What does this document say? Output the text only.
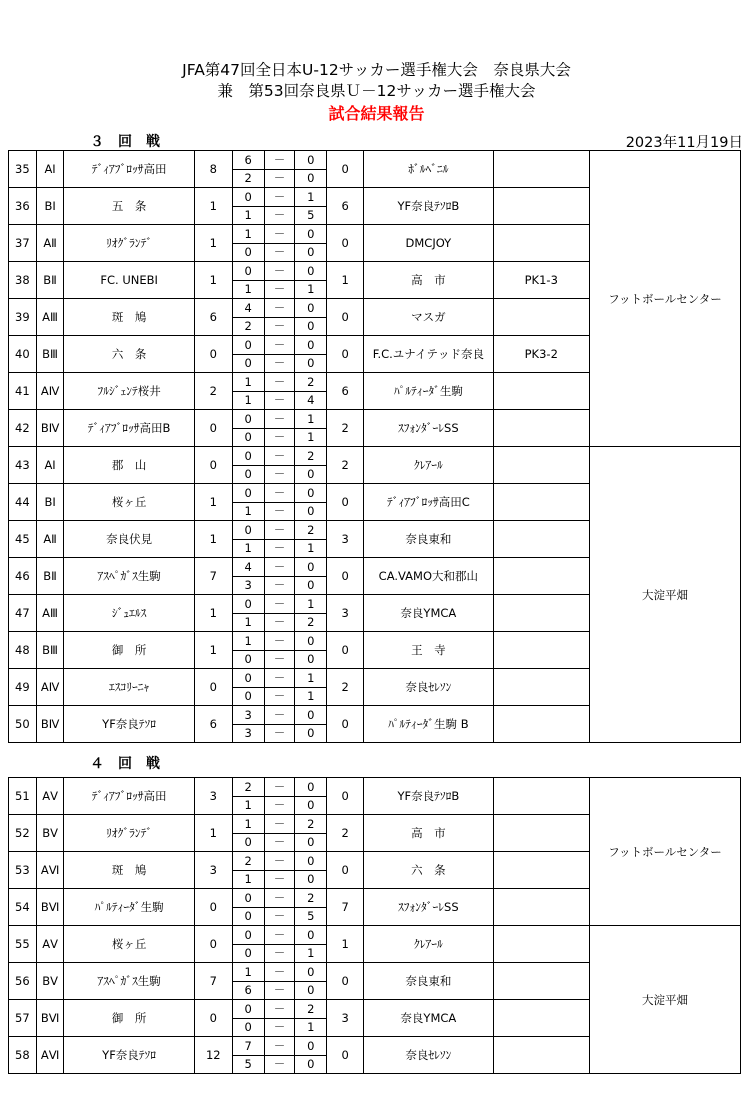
JFA第47回全日本U-12サッカー選手権大会　奈良県大会
兼　第53回奈良県Ｕ－12サッカー選手権大会
試合結果報告
３　回　戦	2023年11月19日
35	AⅠ	ﾃﾞｨｱﾌﾞﾛｯｻ高田	8	6	－	0	0	ﾎﾞﾙﾍﾞﾆﾙ		フットボールセンター
				2	－	0				
36	BⅠ	五　条	1	0	－	1	6	YF奈良ﾃｿﾛB		
				1	－	5				
37	AⅡ	ﾘｵｸﾞﾗﾝﾃﾞ	1	1	－	0	0	DMCJOY		
				0	－	0				
38	BⅡ	FC. UNEBI	1	0	－	0	1	高　市	PK1-3	
				1	－	1				
39	AⅢ	斑　鳩	6	4	－	0	0	マスガ		
				2	－	0				
40	BⅢ	六　条	0	0	－	0	0	F.C.ユナイテッド奈良	PK3-2	
				0	－	0				
41	AⅣ	ﾌﾙｼﾞｪﾝﾃ桜井	2	1	－	2	6	ﾊﾟﾙﾃｨｰﾀﾞ生駒		
				1	－	4				
42	BⅣ	ﾃﾞｨｱﾌﾞﾛｯｻ高田B	0	0	－	1	2	ｽﾌｫﾝﾀﾞｰﾚSS		
				0	－	1				
43	AⅠ	郡　山	0	0	－	2	2	ｸﾚｱｰﾙ		大淀平畑
				0	－	0				
44	BⅠ	桜ヶ丘	1	0	－	0	0	ﾃﾞｨｱﾌﾞﾛｯｻ高田C		
				1	－	0				
45	AⅡ	奈良伏見	1	0	－	2	3	奈良東和		
				1	－	1				
46	BⅡ	ｱｽﾍﾟｶﾞｽ生駒	7	4	－	0	0	CA.VAMO大和郡山		
				3	－	0				
47	AⅢ	ｼﾞｭｴﾙｽ	1	0	－	1	3	奈良YMCA		
				1	－	2				
48	BⅢ	御　所	1	1	－	0	0	王　寺		
				0	－	0				
49	AⅣ	ｴｽｺﾘｰﾆｬ	0	0	－	1	2	奈良ｾﾚｿﾝ		
				0	－	1				
50	BⅣ	YF奈良ﾃｿﾛ	6	3	－	0	0	ﾊﾟﾙﾃｨｰﾀﾞ生駒 B		
				3	－	0				
４　回　戦
51	AⅤ	ﾃﾞｨｱﾌﾞﾛｯｻ高田	3	2	－	0	0	YF奈良ﾃｿﾛB		フットボールセンター
				1	－	0				
52	BⅤ	ﾘｵｸﾞﾗﾝﾃﾞ	1	1	－	2	2	高　市		
				0	－	0				
53	AⅥ	斑　鳩	3	2	－	0	0	六　条		
				1	－	0				
54	BⅥ	ﾊﾟﾙﾃｨｰﾀﾞ生駒	0	0	－	2	7	ｽﾌｫﾝﾀﾞｰﾚSS		
				0	－	5				
55	AⅤ	桜ヶ丘	0	0	－	0	1	ｸﾚｱｰﾙ		大淀平畑
				0	－	1				
56	BⅤ	ｱｽﾍﾟｶﾞｽ生駒	7	1	－	0	0	奈良東和		
				6	－	0				
57	BⅥ	御　所	0	0	－	2	3	奈良YMCA		
				0	－	1				
58	AⅥ	YF奈良ﾃｿﾛ	12	7	－	0	0	奈良ｾﾚｿﾝ		
				5	－	0				
